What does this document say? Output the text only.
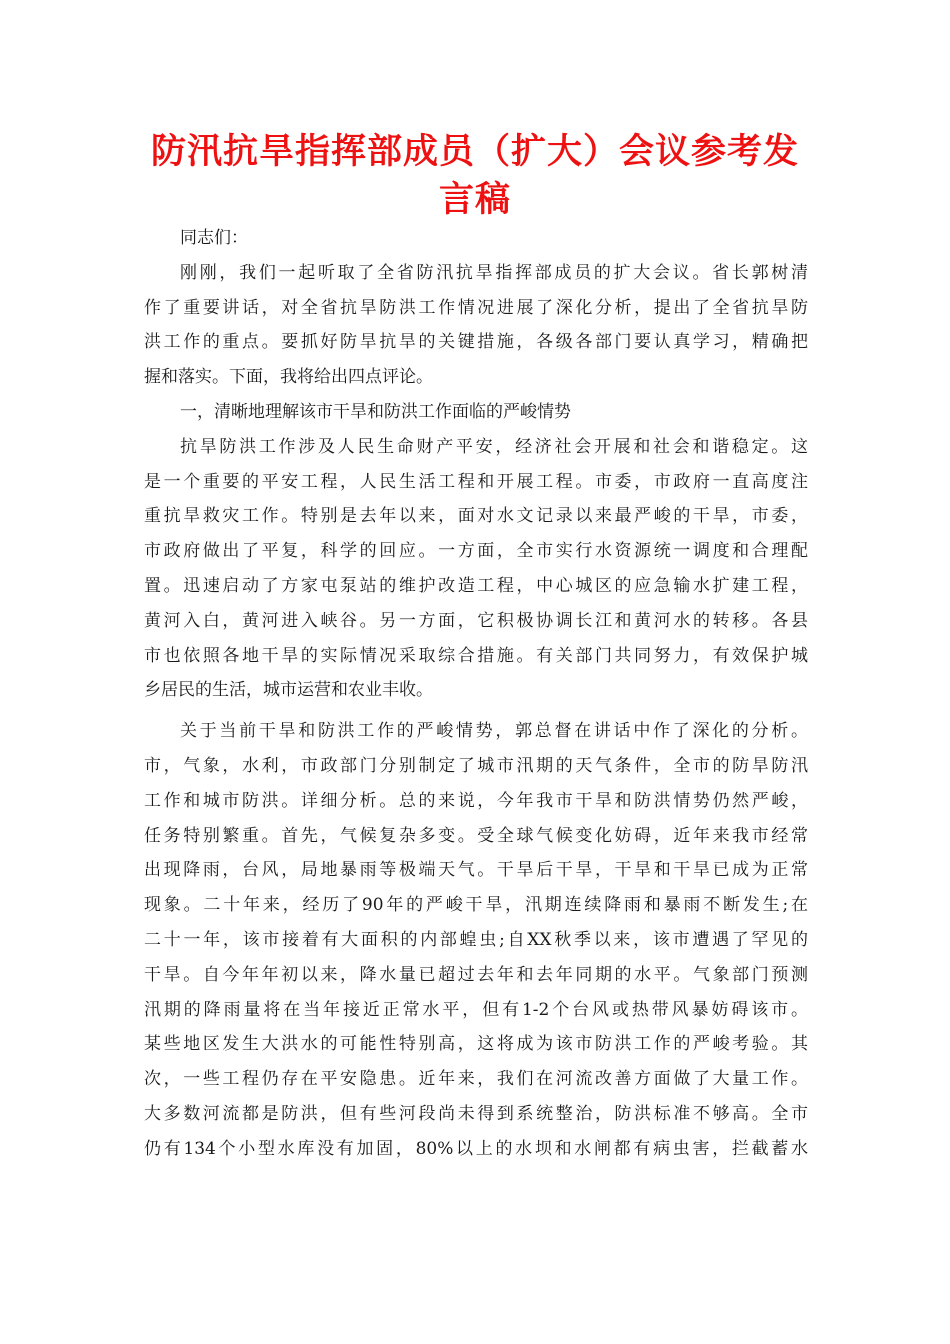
防汛抗旱指挥部成员（扩大）会议参考发言稿
同志们：
刚刚，我们一起听取了全省防汛抗旱指挥部成员的扩大会议。省长郭树清
作了重要讲话，对全省抗旱防洪工作情况进展了深化分析，提出了全省抗旱防
洪工作的重点。要抓好防旱抗旱的关键措施，各级各部门要认真学习，精确把
握和落实。下面，我将给出四点评论。
一，清晰地理解该市干旱和防洪工作面临的严峻情势
抗旱防洪工作涉及人民生命财产平安，经济社会开展和社会和谐稳定。这
是一个重要的平安工程，人民生活工程和开展工程。市委，市政府一直高度注
重抗旱救灾工作。特别是去年以来，面对水文记录以来最严峻的干旱，市委，
市政府做出了平复，科学的回应。一方面，全市实行水资源统一调度和合理配
置。迅速启动了方家屯泵站的维护改造工程，中心城区的应急输水扩建工程，
黄河入白，黄河进入峡谷。另一方面，它积极协调长江和黄河水的转移。各县
市也依照各地干旱的实际情况采取综合措施。有关部门共同努力，有效保护城
乡居民的生活，城市运营和农业丰收。
关于当前干旱和防洪工作的严峻情势，郭总督在讲话中作了深化的分析。
市，气象，水利，市政部门分别制定了城市汛期的天气条件，全市的防旱防汛
工作和城市防洪。详细分析。总的来说，今年我市干旱和防洪情势仍然严峻，
任务特别繁重。首先，气候复杂多变。受全球气候变化妨碍，近年来我市经常
出现降雨，台风，局地暴雨等极端天气。干旱后干旱，干旱和干旱已成为正常
现象。二十年来，经历了90年的严峻干旱，汛期连续降雨和暴雨不断发生;在
二十一年，该市接着有大面积的内部蝗虫;自XX秋季以来，该市遭遇了罕见的
干旱。自今年年初以来，降水量已超过去年和去年同期的水平。气象部门预测
汛期的降雨量将在当年接近正常水平，但有1-2个台风或热带风暴妨碍该市。
某些地区发生大洪水的可能性特别高，这将成为该市防洪工作的严峻考验。其
次，一些工程仍存在平安隐患。近年来，我们在河流改善方面做了大量工作。
大多数河流都是防洪，但有些河段尚未得到系统整治，防洪标准不够高。全市
仍有134个小型水库没有加固，80%以上的水坝和水闸都有病虫害，拦截蓄水
